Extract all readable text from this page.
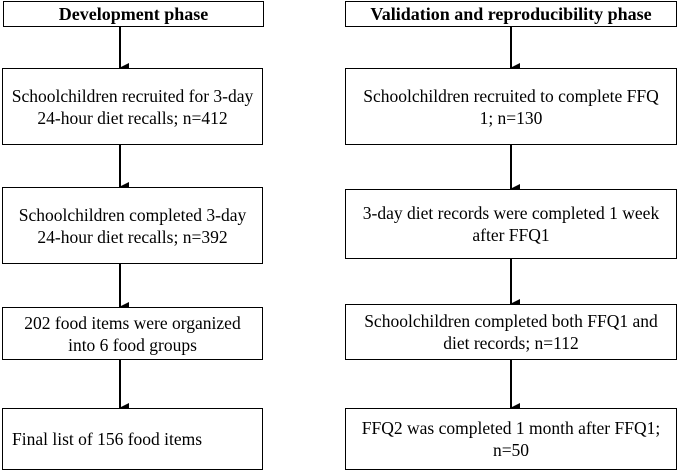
Development phase
Schoolchildren recruited for 3-day 24-hour diet recalls; n=412
Schoolchildren completed 3-day 24-hour diet recalls; n=392
202 food items were organized into 6 food groups
Final list of 156 food items
Validation and reproducibility phase
Schoolchildren recruited to complete FFQ 1; n=130
3-day diet records were completed 1 week after FFQ1
Schoolchildren completed both FFQ1 and diet records; n=112
FFQ2 was completed 1 month after FFQ1; n=50
